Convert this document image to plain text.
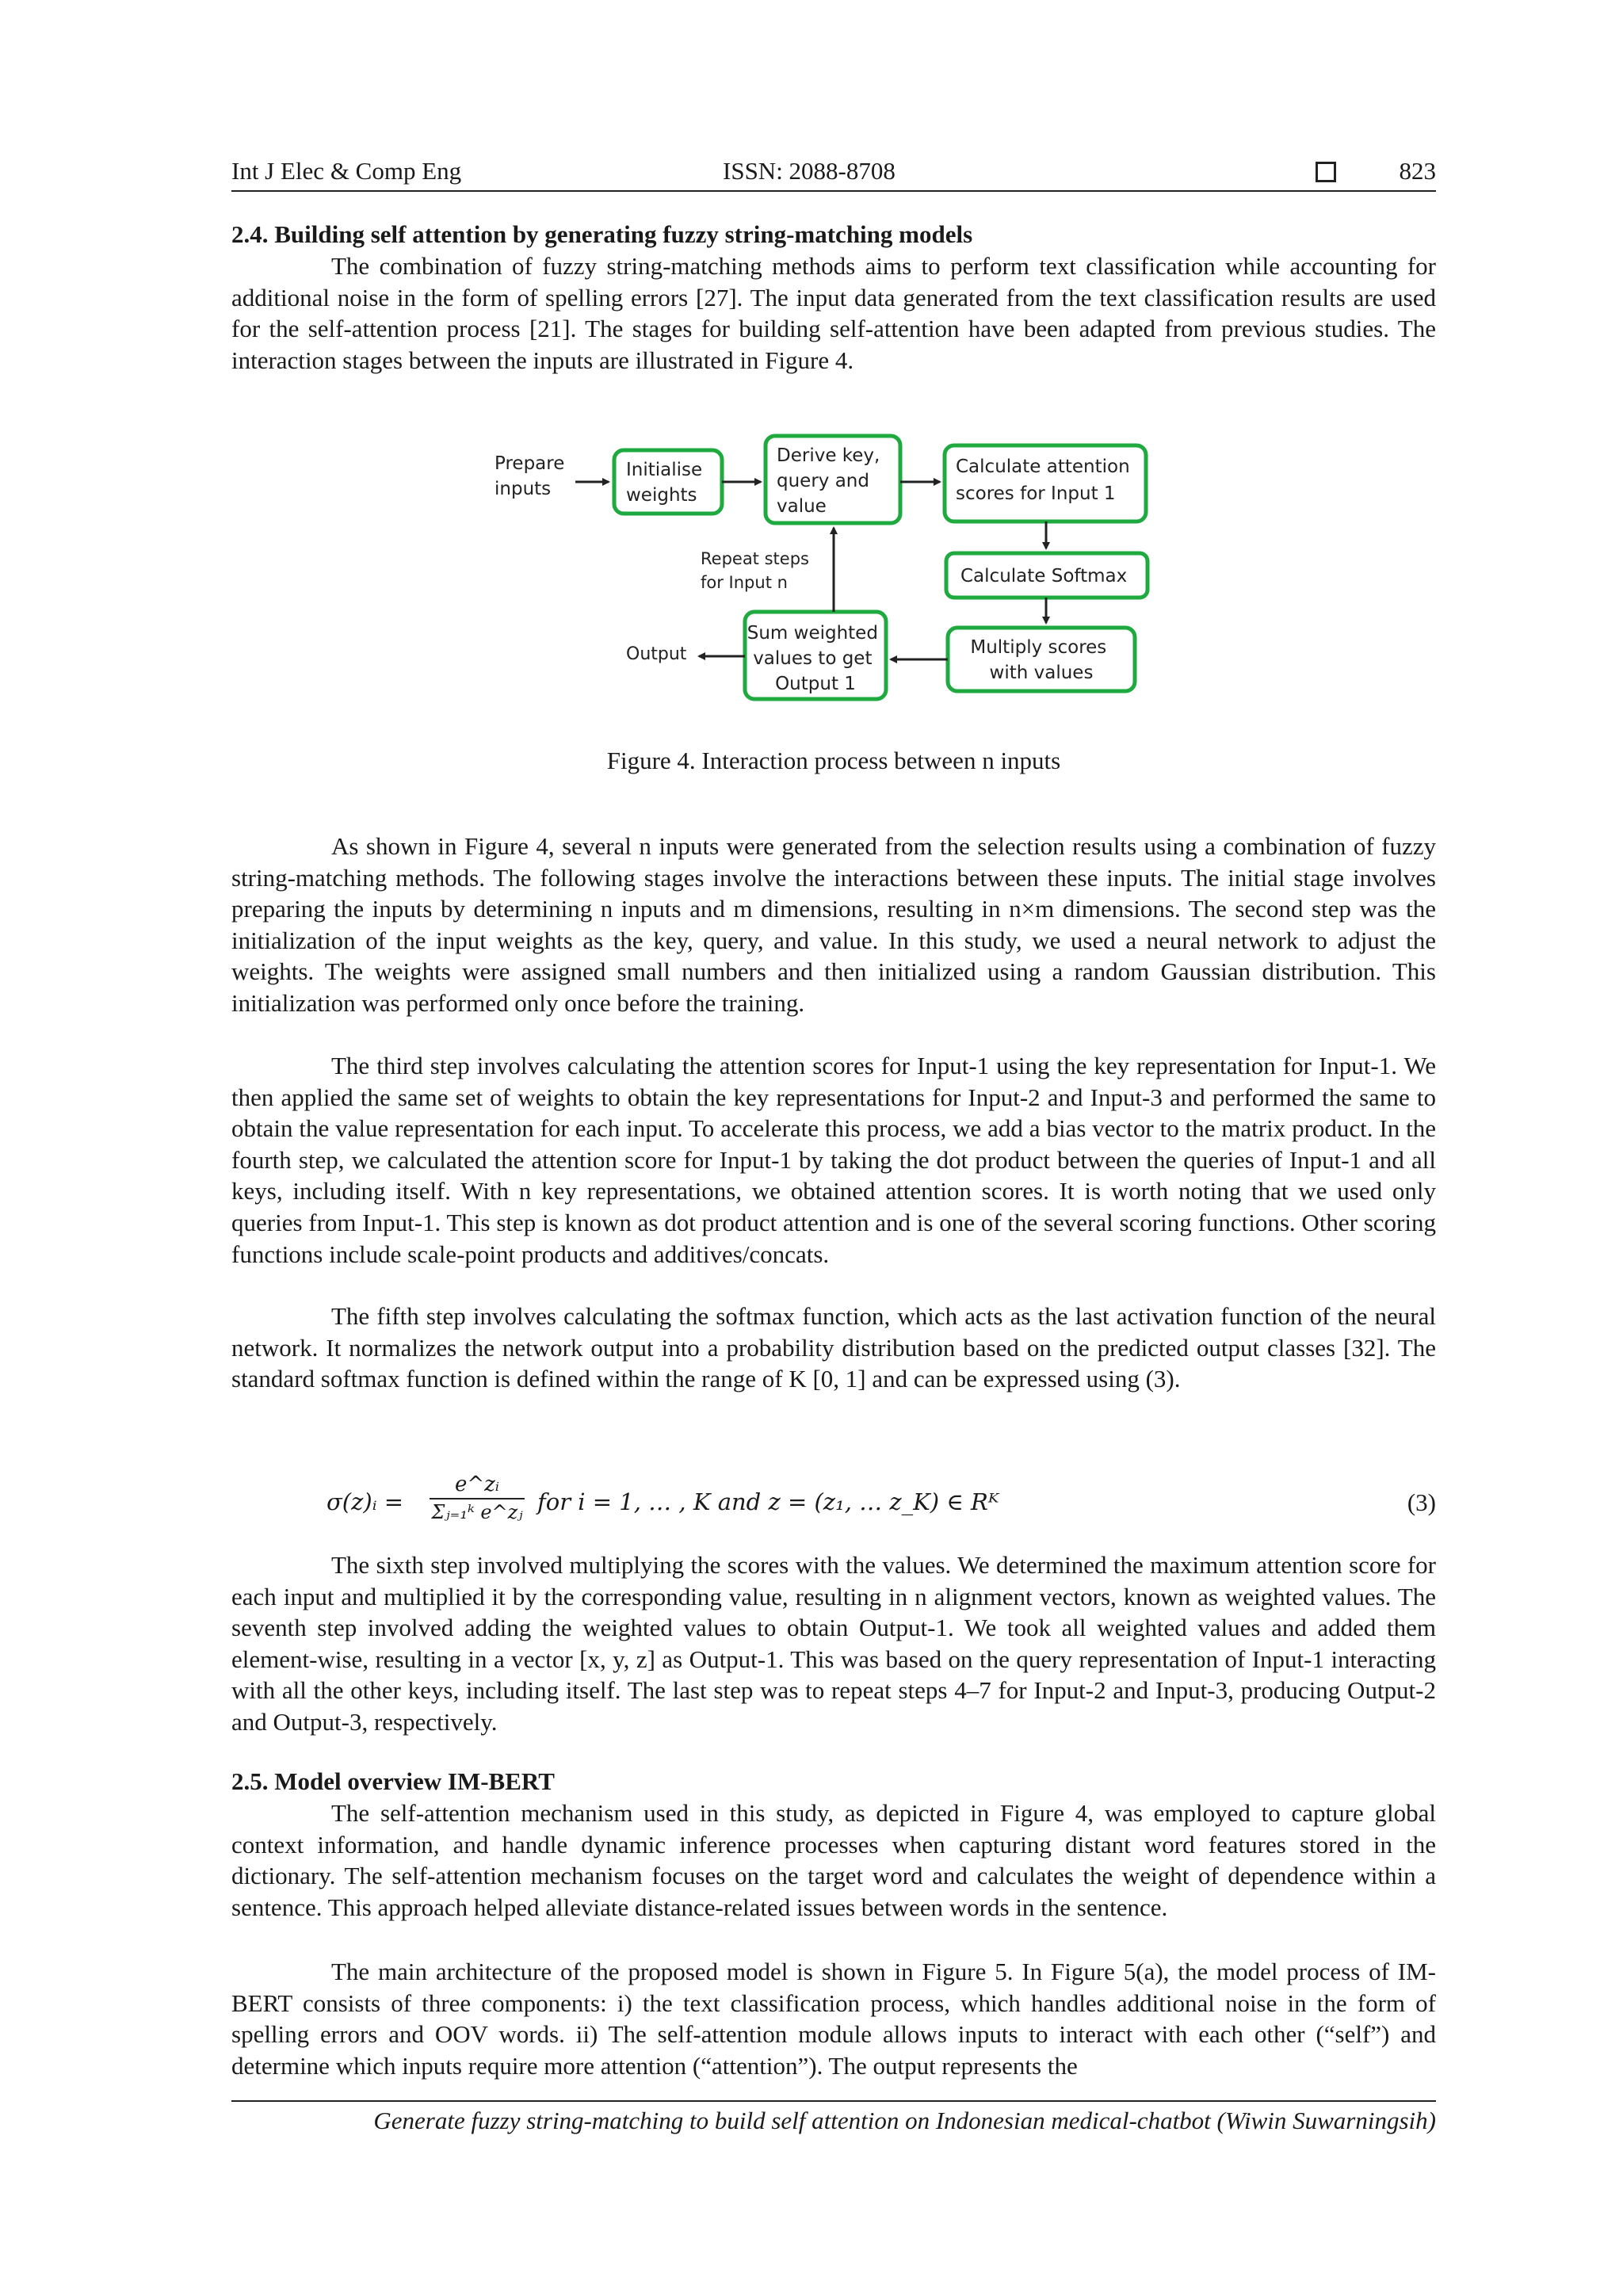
Int J Elec & Comp Eng	ISSN: 2088-8708	823
2.4. Building self attention by generating fuzzy string-matching models

The combination of fuzzy string-matching methods aims to perform text classification while accounting for additional noise in the form of spelling errors [27]. The input data generated from the text classification results are used for the self-attention process [21]. The stages for building self-attention have been adapted from previous studies. The interaction stages between the inputs are illustrated in Figure 4.

Prepare inputs
Initialise weights
Derive key, query and value
Calculate attention scores for Input 1
Calculate Softmax
Multiply scores with values
Sum weighted values to get Output 1
Repeat steps for Input n
Output

Figure 4. Interaction process between n inputs

As shown in Figure 4, several n inputs were generated from the selection results using a combination of fuzzy string-matching methods. The following stages involve the interactions between these inputs. The initial stage involves preparing the inputs by determining n inputs and m dimensions, resulting in n×m dimensions. The second step was the initialization of the input weights as the key, query, and value. In this study, we used a neural network to adjust the weights. The weights were assigned small numbers and then initialized using a random Gaussian distribution. This initialization was performed only once before the training.

The third step involves calculating the attention scores for Input-1 using the key representation for Input-1. We then applied the same set of weights to obtain the key representations for Input-2 and Input-3 and performed the same to obtain the value representation for each input. To accelerate this process, we add a bias vector to the matrix product. In the fourth step, we calculated the attention score for Input-1 by taking the dot product between the queries of Input-1 and all keys, including itself. With n key representations, we obtained attention scores. It is worth noting that we used only queries from Input-1. This step is known as dot product attention and is one of the several scoring functions. Other scoring functions include scale-point products and additives/concats.

The fifth step involves calculating the softmax function, which acts as the last activation function of the neural network. It normalizes the network output into a probability distribution based on the predicted output classes [32]. The standard softmax function is defined within the range of K [0, 1] and can be expressed using (3).

σ(z)ᵢ = $\frac{\text{e\textasciicircum{}zᵢ}}{\text{Σⱼ₌₁ᵏ e\textasciicircum{}zⱼ}}$ for i = 1, … , K and z = (z₁, … z_K) ∈ Rᴷ	(3)

The sixth step involved multiplying the scores with the values. We determined the maximum attention score for each input and multiplied it by the corresponding value, resulting in n alignment vectors, known as weighted values. The seventh step involved adding the weighted values to obtain Output-1. We took all weighted values and added them element-wise, resulting in a vector [x, y, z] as Output-1. This was based on the query representation of Input-1 interacting with all the other keys, including itself. The last step was to repeat steps 4–7 for Input-2 and Input-3, producing Output-2 and Output-3, respectively.

2.5. Model overview IM-BERT

The self-attention mechanism used in this study, as depicted in Figure 4, was employed to capture global context information, and handle dynamic inference processes when capturing distant word features stored in the dictionary. The self-attention mechanism focuses on the target word and calculates the weight of dependence within a sentence. This approach helped alleviate distance-related issues between words in the sentence.

The main architecture of the proposed model is shown in Figure 5. In Figure 5(a), the model process of IM-BERT consists of three components: i) the text classification process, which handles additional noise in the form of spelling errors and OOV words. ii) The self-attention module allows inputs to interact with each other (“self”) and determine which inputs require more attention (“attention”). The output represents the

Generate fuzzy string-matching to build self attention on Indonesian medical-chatbot (Wiwin Suwarningsih)
